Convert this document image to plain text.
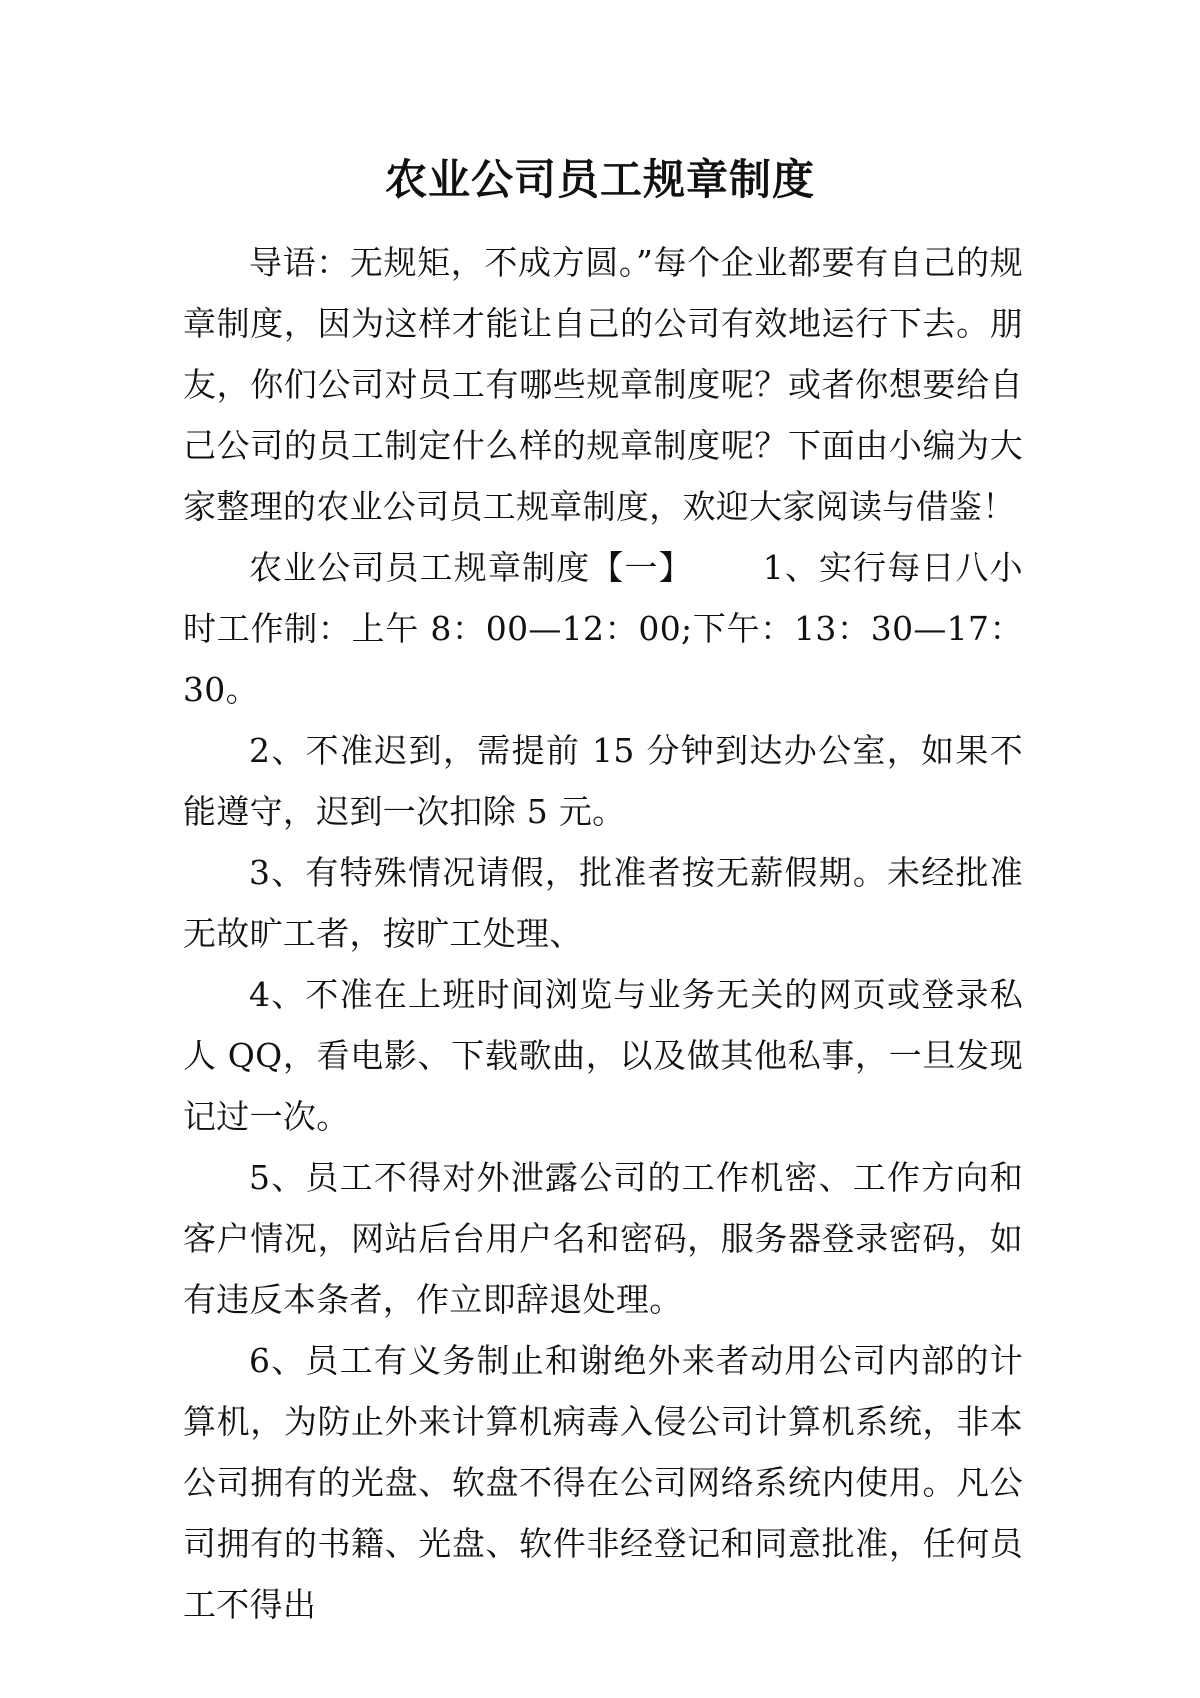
农业公司员工规章制度

导语：无规矩，不成方圆。”每个企业都要有自己的规章制度，因为这样才能让自己的公司有效地运行下去。朋友，你们公司对员工有哪些规章制度呢？或者你想要给自己公司的员工制定什么样的规章制度呢？下面由小编为大家整理的农业公司员工规章制度，欢迎大家阅读与借鉴！

农业公司员工规章制度【一】 1、实行每日八小时工作制：上午 8：00—12：00;下午：13：30—17：30。

2、不准迟到，需提前 15 分钟到达办公室，如果不能遵守，迟到一次扣除 5 元。

3、有特殊情况请假，批准者按无薪假期。未经批准无故旷工者，按旷工处理、

4、不准在上班时间浏览与业务无关的网页或登录私人 QQ，看电影、下载歌曲，以及做其他私事，一旦发现记过一次。

5、员工不得对外泄露公司的工作机密、工作方向和客户情况，网站后台用户名和密码，服务器登录密码，如有违反本条者，作立即辞退处理。

6、员工有义务制止和谢绝外来者动用公司内部的计算机，为防止外来计算机病毒入侵公司计算机系统，非本公司拥有的光盘、软盘不得在公司网络系统内使用。凡公司拥有的书籍、光盘、软件非经登记和同意批准，任何员工不得出
